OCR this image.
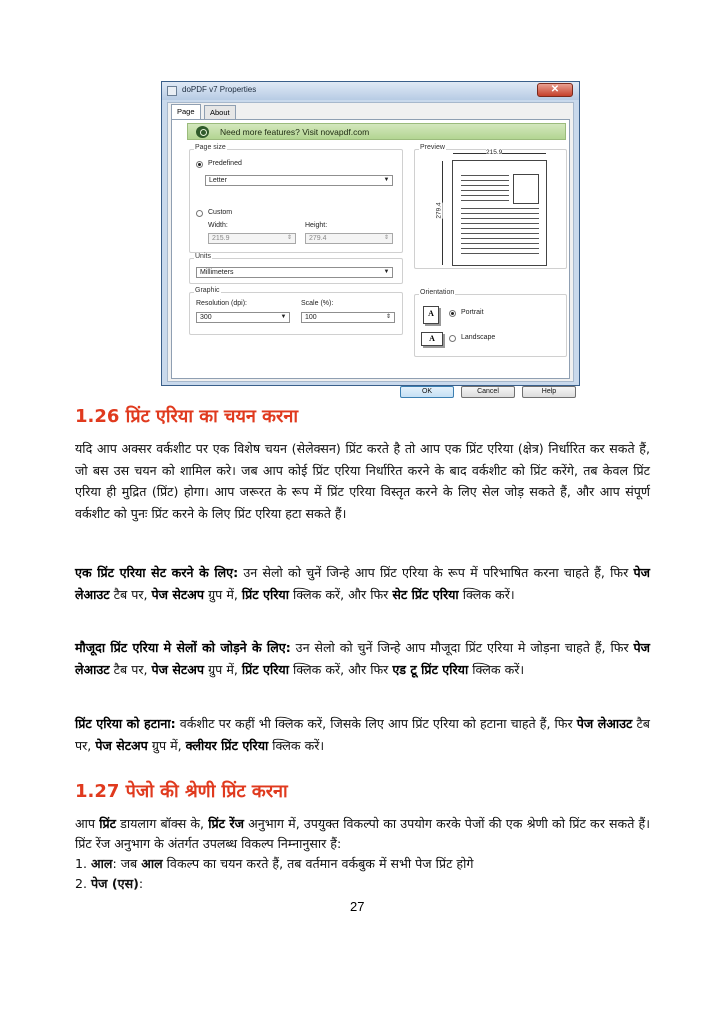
doPDF v7 Properties	✕
Page	About
Need more features? Visit novapdf.com
Page size
Predefined
Letter	▼
Custom
Width:	Height:
215.9	⇕	279.4	⇕
Units
Millimeters	▼
Graphic
Resolution (dpi):	Scale (%):
300	▼	100	⇕
Preview
215.9
279.4
Orientation
A	Portrait
A	Landscape
OK	Cancel	Help
1.26 प्रिंट एरिया का चयन करना

यदि आप अक्सर वर्कशीट पर एक विशेष चयन (सेलेक्सन) प्रिंट करते है तो आप एक प्रिंट एरिया (क्षेत्र) निर्धारित कर सकते हैं, जो बस उस चयन को शामिल करे। जब आप कोई प्रिंट एरिया निर्धारित करने के बाद वर्कशीट को प्रिंट करेंगे, तब केवल प्रिंट एरिया ही मुद्रित (प्रिंट) होगा। आप जरूरत के रूप में प्रिंट एरिया विस्तृत करने के लिए सेल जोड़ सकते हैं, और आप संपूर्ण वर्कशीट को पुनः प्रिंट करने के लिए प्रिंट एरिया हटा सकते हैं।

एक प्रिंट एरिया सेट करने के लिए: उन सेलो को चुनें जिन्हे आप प्रिंट एरिया के रूप में परिभाषित करना चाहते हैं, फिर पेज लेआउट टैब पर, पेज सेटअप ग्रुप में, प्रिंट एरिया क्लिक करें, और फिर सेट प्रिंट एरिया क्लिक करें।

मौजूदा प्रिंट एरिया मे सेलों को जोड़ने के लिए: उन सेलो को चुनें जिन्हे आप मौजूदा प्रिंट एरिया मे जोड़ना चाहते हैं, फिर पेज लेआउट टैब पर, पेज सेटअप ग्रुप में, प्रिंट एरिया क्लिक करें, और फिर एड टू प्रिंट एरिया क्लिक करें।

प्रिंट एरिया को हटाना: वर्कशीट पर कहीं भी क्लिक करें, जिसके लिए आप प्रिंट एरिया को हटाना चाहते हैं, फिर पेज लेआउट टैब पर, पेज सेटअप ग्रुप में, क्लीयर प्रिंट एरिया क्लिक करें।

1.27 पेजो की श्रेणी प्रिंट करना

आप प्रिंट डायलाग बॉक्स के, प्रिंट रेंज अनुभाग में, उपयुक्त विकल्पो का उपयोग करके पेजों की एक श्रेणी को प्रिंट कर सकते हैं। प्रिंट रेंज अनुभाग के अंतर्गत उपलब्ध विकल्प निम्नानुसार हैं:

1. आल: जब आल विकल्प का चयन करते हैं, तब वर्तमान वर्कबुक में सभी पेज प्रिंट होगे
2. पेज (एस):
27
